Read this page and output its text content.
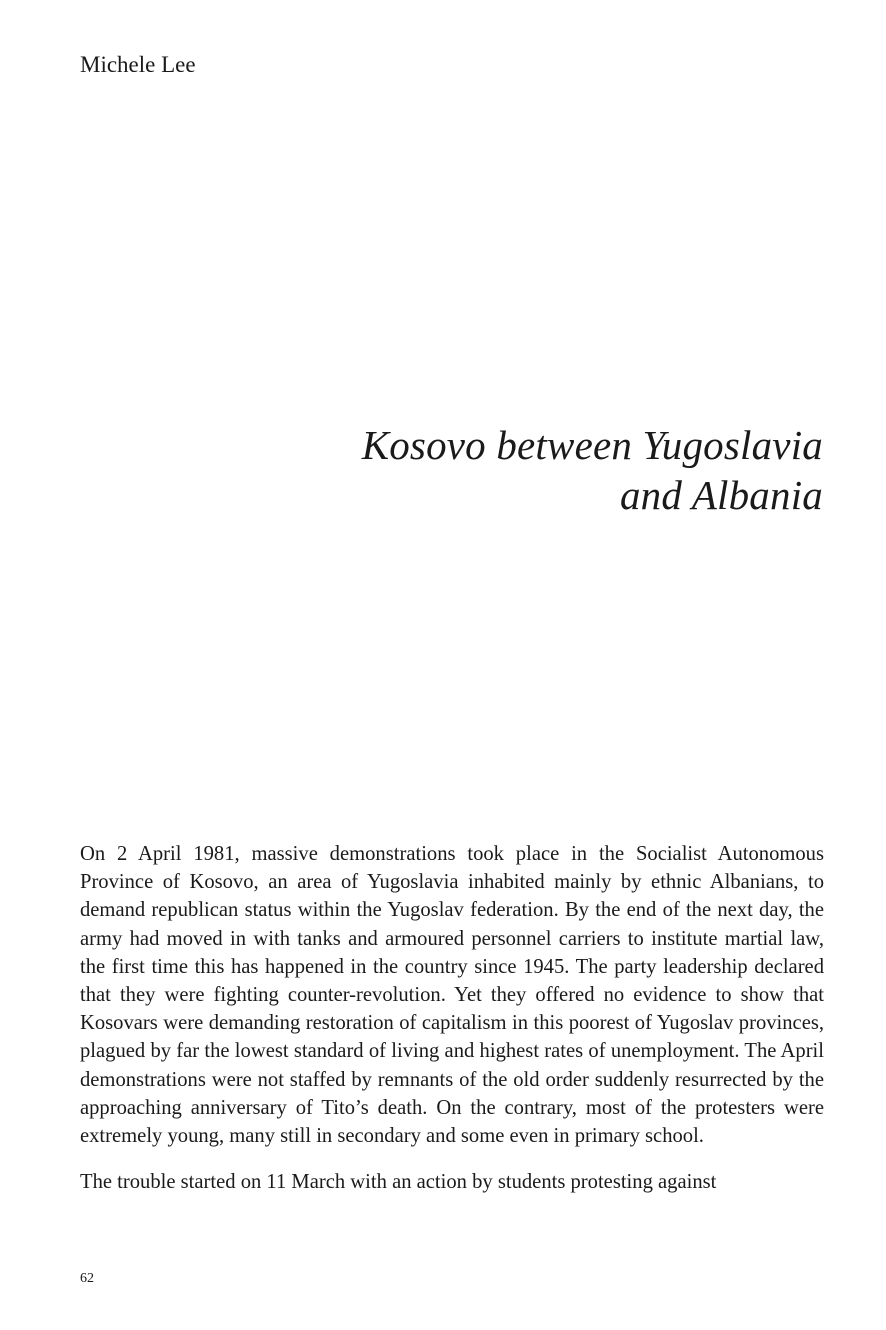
Michele Lee

Kosovo between Yugoslavia
and Albania

On 2 April 1981, massive demonstrations took place in the Socialist Autonomous Province of Kosovo, an area of Yugoslavia inhabited mainly by ethnic Albanians, to demand republican status within the Yugoslav federation. By the end of the next day, the army had moved in with tanks and armoured personnel carriers to institute martial law, the first time this has happened in the country since 1945. The party leadership declared that they were fighting counter-revolution. Yet they offered no evidence to show that Kosovars were demanding restoration of capitalism in this poorest of Yugoslav provinces, plagued by far the lowest standard of living and highest rates of unemployment. The April demonstrations were not staffed by remnants of the old order suddenly resurrected by the approaching anniversary of Tito’s death. On the contrary, most of the protesters were extremely young, many still in secondary and some even in primary school.

The trouble started on 11 March with an action by students protesting against

62
